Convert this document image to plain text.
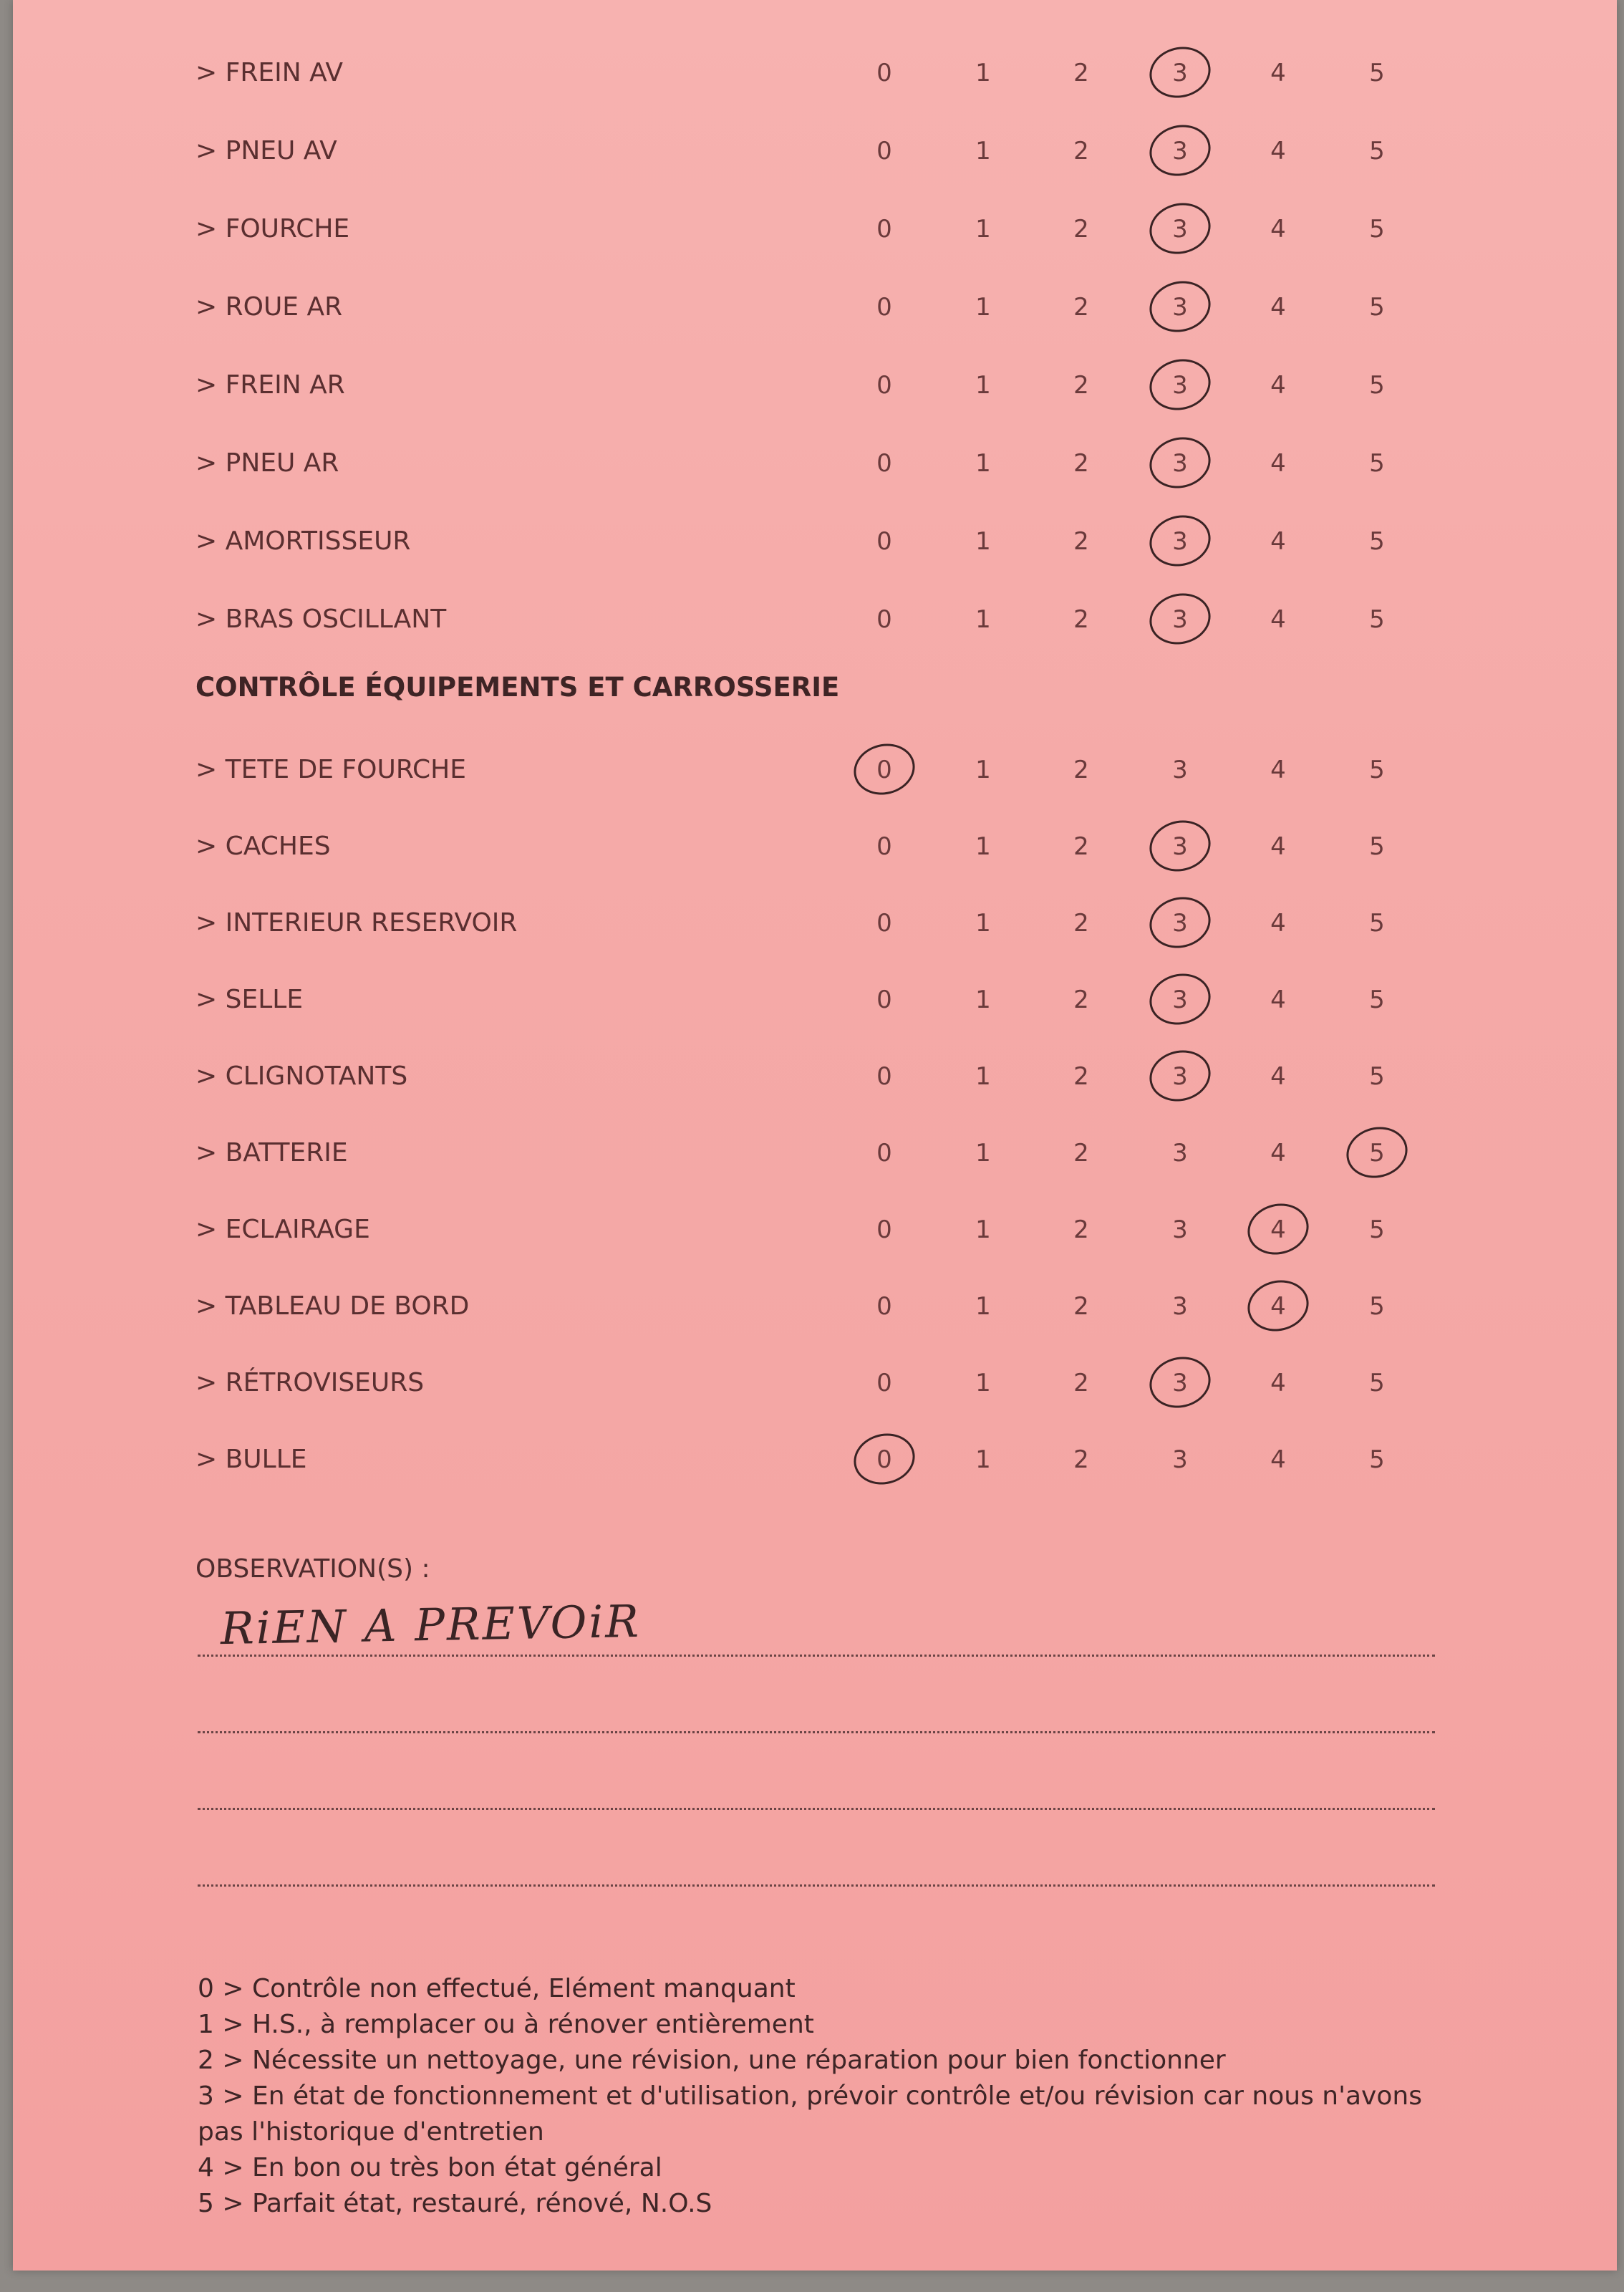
> FREIN AV	0	1	2	3	4	5
> PNEU AV	0	1	2	3	4	5
> FOURCHE	0	1	2	3	4	5
> ROUE AR	0	1	2	3	4	5
> FREIN AR	0	1	2	3	4	5
> PNEU AR	0	1	2	3	4	5
> AMORTISSEUR	0	1	2	3	4	5
> BRAS OSCILLANT	0	1	2	3	4	5
CONTRÔLE ÉQUIPEMENTS ET CARROSSERIE
> TETE DE FOURCHE	0	1	2	3	4	5
> CACHES	0	1	2	3	4	5
> INTERIEUR RESERVOIR	0	1	2	3	4	5
> SELLE	0	1	2	3	4	5
> CLIGNOTANTS	0	1	2	3	4	5
> BATTERIE	0	1	2	3	4	5
> ECLAIRAGE	0	1	2	3	4	5
> TABLEAU DE BORD	0	1	2	3	4	5
> RÉTROVISEURS	0	1	2	3	4	5
> BULLE	0	1	2	3	4	5
OBSERVATION(S) :
RiEN A PREVOiR
0 > Contrôle non effectué, Elément manquant
1 > H.S., à remplacer ou à rénover entièrement
2 > Nécessite un nettoyage, une révision, une réparation pour bien fonctionner
3 > En état de fonctionnement et d'utilisation, prévoir contrôle et/ou révision car nous n'avons pas l'historique d'entretien
4 > En bon ou très bon état général
5 > Parfait état, restauré, rénové, N.O.S
